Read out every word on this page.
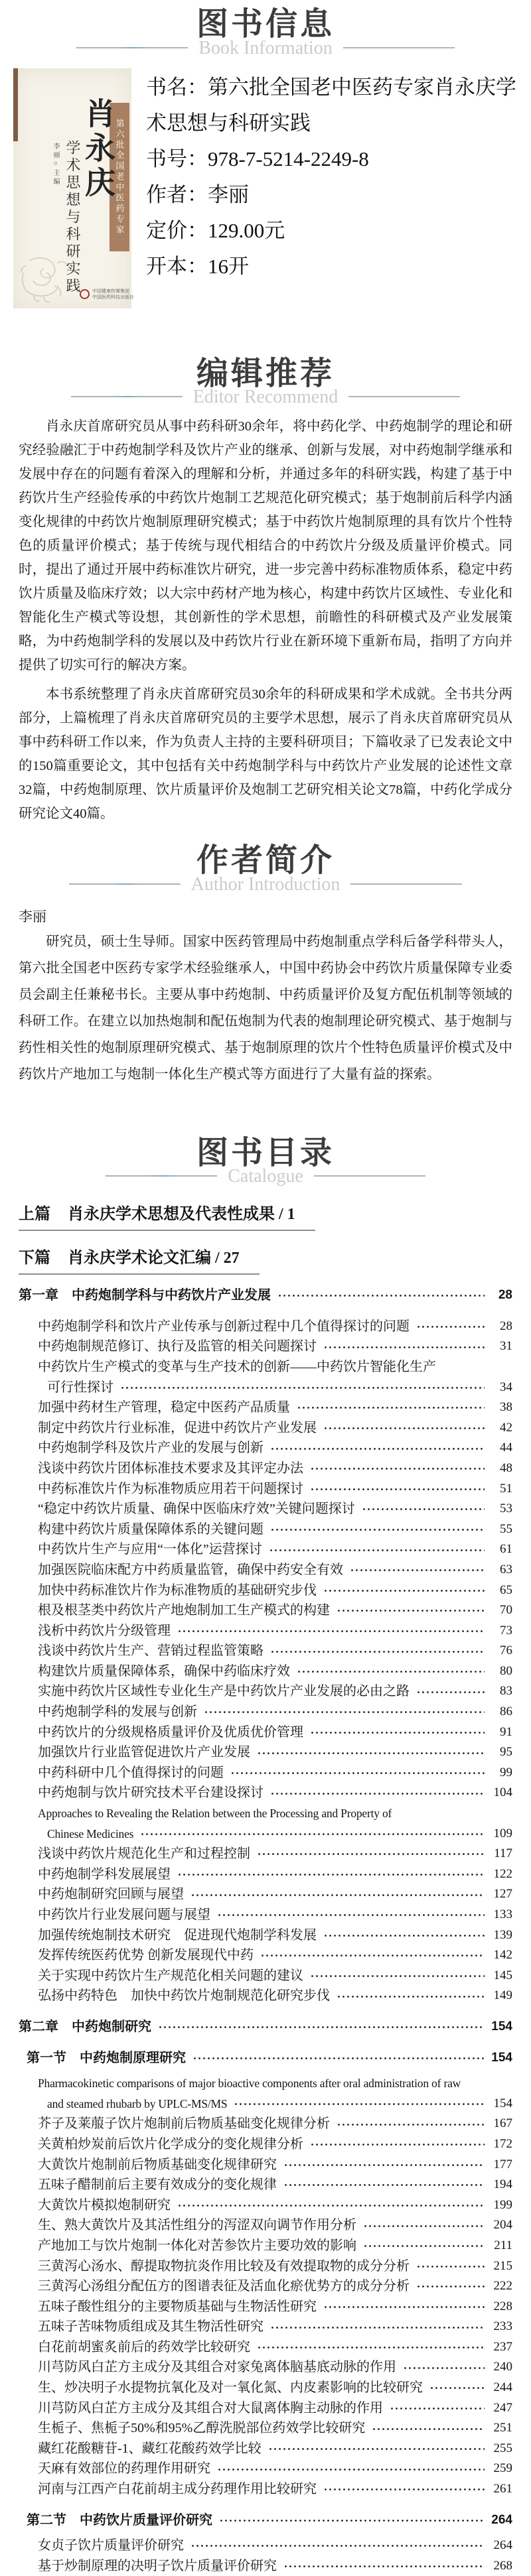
图书信息
Book Information
第六批全国老中医药专家
肖永庆
学术思想与科研实践
李丽○主编
中国健康传媒集团
中国医药科技出版社
书名：第六批全国老中医药专家肖永庆学术思想与科研实践
书号：978-7-5214-2249-8
作者：李丽
定价：129.00元
开本：16开
编辑推荐
Editor Recommend
肖永庆首席研究员从事中药科研30余年，将中药化学、中药炮制学的理论和研究经验融汇于中药炮制学科及饮片产业的继承、创新与发展，对中药炮制学继承和发展中存在的问题有着深入的理解和分析，并通过多年的科研实践，构建了基于中药饮片生产经验传承的中药饮片炮制工艺规范化研究模式；基于炮制前后科学内涵变化规律的中药饮片炮制原理研究模式；基于中药饮片炮制原理的具有饮片个性特色的质量评价模式；基于传统与现代相结合的中药饮片分级及质量评价模式。同时，提出了通过开展中药标准饮片研究，进一步完善中药标准物质体系，稳定中药饮片质量及临床疗效；以大宗中药材产地为核心，构建中药饮片区域性、专业化和智能化生产模式等设想，其创新性的学术思想，前瞻性的科研模式及产业发展策略，为中药炮制学科的发展以及中药饮片行业在新环境下重新布局，指明了方向并提供了切实可行的解决方案。
本书系统整理了肖永庆首席研究员30余年的科研成果和学术成就。全书共分两部分，上篇梳理了肖永庆首席研究员的主要学术思想，展示了肖永庆首席研究员从事中药科研工作以来，作为负责人主持的主要科研项目；下篇收录了已发表论文中的150篇重要论文，其中包括有关中药炮制学科与中药饮片产业发展的论述性文章32篇，中药炮制原理、饮片质量评价及炮制工艺研究相关论文78篇，中药化学成分研究论文40篇。
作者简介
Author Introduction
李丽
研究员，硕士生导师。国家中医药管理局中药炮制重点学科后备学科带头人，第六批全国老中医药专家学术经验继承人，中国中药协会中药饮片质量保障专业委员会副主任兼秘书长。主要从事中药炮制、中药质量评价及复方配伍机制等领域的科研工作。在建立以加热炮制和配伍炮制为代表的炮制理论研究模式、基于炮制与药性相关性的炮制原理研究模式、基于炮制原理的饮片个性特色质量评价模式及中药饮片产地加工与炮制一体化生产模式等方面进行了大量有益的探索。
图书目录
Catalogue
上篇 肖永庆学术思想及代表性成果 / 1
下篇 肖永庆学术论文汇编 / 27
第一章　中药炮制学科与中药饮片产业发展	28
中药炮制学科和饮片产业传承与创新过程中几个值得探讨的问题	28
中药炮制规范修订、执行及监管的相关问题探讨	31
中药饮片生产模式的变革与生产技术的创新——中药饮片智能化生产
可行性探讨	34
加强中药材生产管理，稳定中医药产品质量	38
制定中药饮片行业标准，促进中药饮片产业发展	42
中药炮制学科及饮片产业的发展与创新	44
浅谈中药饮片团体标准技术要求及其评定办法	48
中药标准饮片作为标准物质应用若干问题探讨	51
“稳定中药饮片质量、确保中医临床疗效”关键问题探讨	53
构建中药饮片质量保障体系的关键问题	55
中药饮片生产与应用“一体化”运营探讨	61
加强医院临床配方中药质量监管，确保中药安全有效	63
加快中药标准饮片作为标准物质的基础研究步伐	65
根及根茎类中药饮片产地炮制加工生产模式的构建	70
浅析中药饮片分级管理	73
浅谈中药饮片生产、营销过程监管策略	76
构建饮片质量保障体系，确保中药临床疗效	80
实施中药饮片区域性专业化生产是中药饮片产业发展的必由之路	83
中药炮制学科的发展与创新	86
中药饮片的分级规格质量评价及优质优价管理	91
加强饮片行业监管促进饮片产业发展	95
中药科研中几个值得探讨的问题	99
中药炮制与饮片研究技术平台建设探讨	104
Approaches to Revealing the Relation between the Processing and Property of
Chinese Medicines	109
浅谈中药饮片规范化生产和过程控制	117
中药炮制学科发展展望	122
中药炮制研究回顾与展望	127
中药饮片行业发展问题与展望	133
加强传统炮制技术研究　促进现代炮制学科发展	139
发挥传统医药优势 创新发展现代中药	142
关于实现中药饮片生产规范化相关问题的建议	145
弘扬中药特色　加快中药饮片炮制规范化研究步伐	149
第二章　中药炮制研究	154
第一节　中药炮制原理研究	154
Pharmacokinetic comparisons of major bioactive components after oral administration of raw
and steamed rhubarb by UPLC-MS/MS	154
芥子及莱菔子饮片炮制前后物质基础变化规律分析	167
关黄柏炒炭前后饮片化学成分的变化规律分析	172
大黄饮片炮制前后物质基础变化规律研究	177
五味子醋制前后主要有效成分的变化规律	194
大黄饮片模拟炮制研究	199
生、熟大黄饮片及其活性组分的泻涩双向调节作用分析	204
产地加工与饮片炮制一体化对苦参饮片主要功效的影响	211
三黄泻心汤水、醇提取物抗炎作用比较及有效提取物的成分分析	215
三黄泻心汤组分配伍方的图谱表征及活血化瘀优势方的成分分析	222
五味子酸性组分的主要物质基础与生物活性研究	228
五味子苦味物质组成及其生物活性研究	233
白花前胡蜜炙前后的药效学比较研究	237
川芎防风白芷方主成分及其组合对家兔离体脑基底动脉的作用	240
生、炒决明子水提物抗氧化及对一氧化氮、内皮素影响的比较研究	244
川芎防风白芷方主成分及其组合对大鼠离体胸主动脉的作用	247
生栀子、焦栀子50%和95%乙醇洗脱部位药效学比较研究	251
藏红花酸糖苷-1、藏红花酸药效学比较	255
天麻有效部位的药理作用研究	259
河南与江西产白花前胡主成分药理作用比较研究	261
第二节　中药饮片质量评价研究	264
女贞子饮片质量评价研究	264
基于炒制原理的决明子饮片质量评价研究	268
